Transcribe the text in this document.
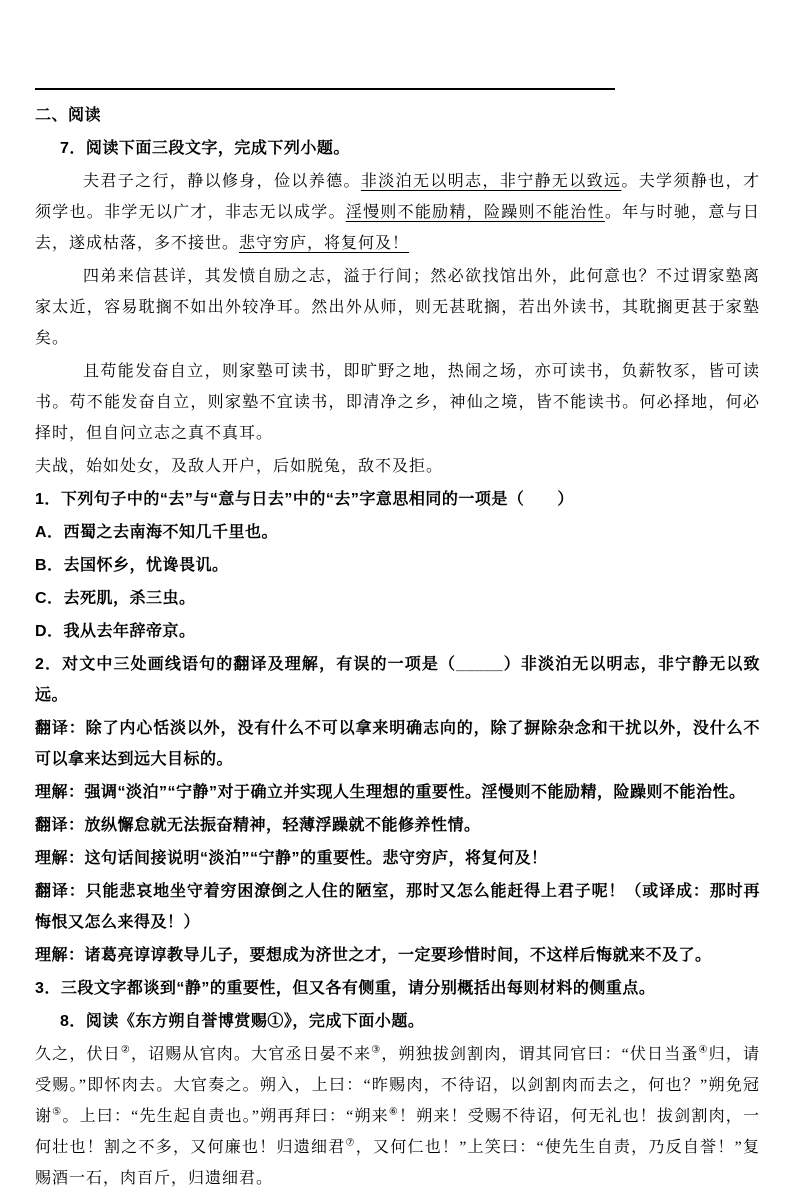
二、阅读
7．阅读下面三段文字，完成下列小题。

夫君子之行，静以修身，俭以养德。非淡泊无以明志，非宁静无以致远。夫学须静也，才须学也。非学无以广才，非志无以成学。淫慢则不能励精，险躁则不能治性。年与时驰，意与日去，遂成枯落，多不接世。悲守穷庐，将复何及！

四弟来信甚详，其发愤自励之志，溢于行间；然必欲找馆出外，此何意也？不过谓家塾离家太近，容易耽搁不如出外较净耳。然出外从师，则无甚耽搁，若出外读书，其耽搁更甚于家塾矣。

且苟能发奋自立，则家塾可读书，即旷野之地，热闹之场，亦可读书，负薪牧豕，皆可读书。苟不能发奋自立，则家塾不宜读书，即清净之乡，神仙之境，皆不能读书。何必择地，何必择时，但自问立志之真不真耳。

夫战，始如处女，及敌人开户，后如脱兔，敌不及拒。

1．下列句子中的“去”与“意与日去”中的“去”字意思相同的一项是（　　）
A．西蜀之去南海不知几千里也。
B．去国怀乡，忧谗畏讥。
C．去死肌，杀三虫。
D．我从去年辞帝京。
2．对文中三处画线语句的翻译及理解，有误的一项是（_____）非淡泊无以明志，非宁静无以致远。
翻译：除了内心恬淡以外，没有什么不可以拿来明确志向的，除了摒除杂念和干扰以外，没什么不可以拿来达到远大目标的。
理解：强调“淡泊”“宁静”对于确立并实现人生理想的重要性。淫慢则不能励精，险躁则不能治性。
翻译：放纵懈怠就无法振奋精神，轻薄浮躁就不能修养性情。
理解：这句话间接说明“淡泊”“宁静”的重要性。悲守穷庐，将复何及！
翻译：只能悲哀地坐守着穷困潦倒之人住的陋室，那时又怎么能赶得上君子呢！（或译成：那时再悔恨又怎么来得及！）
理解：诸葛亮谆谆教导儿子，要想成为济世之才，一定要珍惜时间，不这样后悔就来不及了。
3．三段文字都谈到“静”的重要性，但又各有侧重，请分别概括出每则材料的侧重点。
8．阅读《东方朔自誉博赏赐①》，完成下面小题。

久之，伏日②，诏赐从官肉。大官丞日晏不来③，朔独拔剑割肉，谓其同官曰：“伏日当蚤④归，请受赐。”即怀肉去。大官奏之。朔入，上曰：“昨赐肉，不待诏，以剑割肉而去之，何也？”朔免冠谢⑤。上曰：“先生起自责也。”朔再拜曰：“朔来⑥！朔来！受赐不待诏，何无礼也！拔剑割肉，一何壮也！割之不多，又何廉也！归遗细君⑦，又何仁也！”上笑曰：“使先生自责，乃反自誉！”复赐酒一石，肉百斤，归遗细君。
